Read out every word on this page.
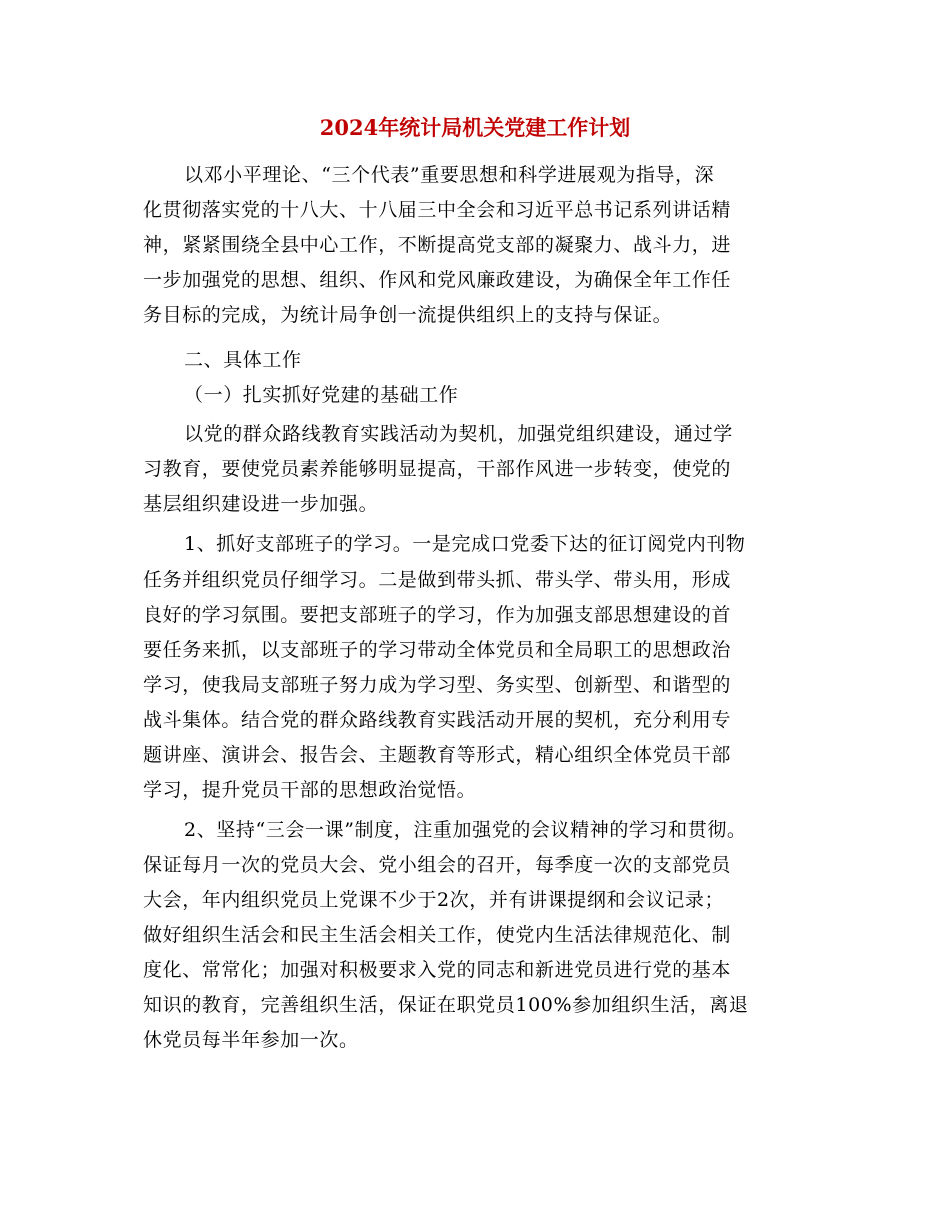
2024年统计局机关党建工作计划
以邓小平理论、“三个代表”重要思想和科学进展观为指导，深
化贯彻落实党的十八大、十八届三中全会和习近平总书记系列讲话精
神，紧紧围绕全县中心工作，不断提高党支部的凝聚力、战斗力，进
一步加强党的思想、组织、作风和党风廉政建设，为确保全年工作任
务目标的完成，为统计局争创一流提供组织上的支持与保证。
二、具体工作
（一）扎实抓好党建的基础工作
以党的群众路线教育实践活动为契机，加强党组织建设，通过学
习教育，要使党员素养能够明显提高，干部作风进一步转变，使党的
基层组织建设进一步加强。
1、抓好支部班子的学习。一是完成口党委下达的征订阅党内刊物
任务并组织党员仔细学习。二是做到带头抓、带头学、带头用，形成
良好的学习氛围。要把支部班子的学习，作为加强支部思想建设的首
要任务来抓，以支部班子的学习带动全体党员和全局职工的思想政治
学习，使我局支部班子努力成为学习型、务实型、创新型、和谐型的
战斗集体。结合党的群众路线教育实践活动开展的契机，充分利用专
题讲座、演讲会、报告会、主题教育等形式，精心组织全体党员干部
学习，提升党员干部的思想政治觉悟。
2、坚持“三会一课”制度，注重加强党的会议精神的学习和贯彻。
保证每月一次的党员大会、党小组会的召开，每季度一次的支部党员
大会，年内组织党员上党课不少于2次，并有讲课提纲和会议记录；
做好组织生活会和民主生活会相关工作，使党内生活法律规范化、制
度化、常常化；加强对积极要求入党的同志和新进党员进行党的基本
知识的教育，完善组织生活，保证在职党员100%参加组织生活，离退
休党员每半年参加一次。
